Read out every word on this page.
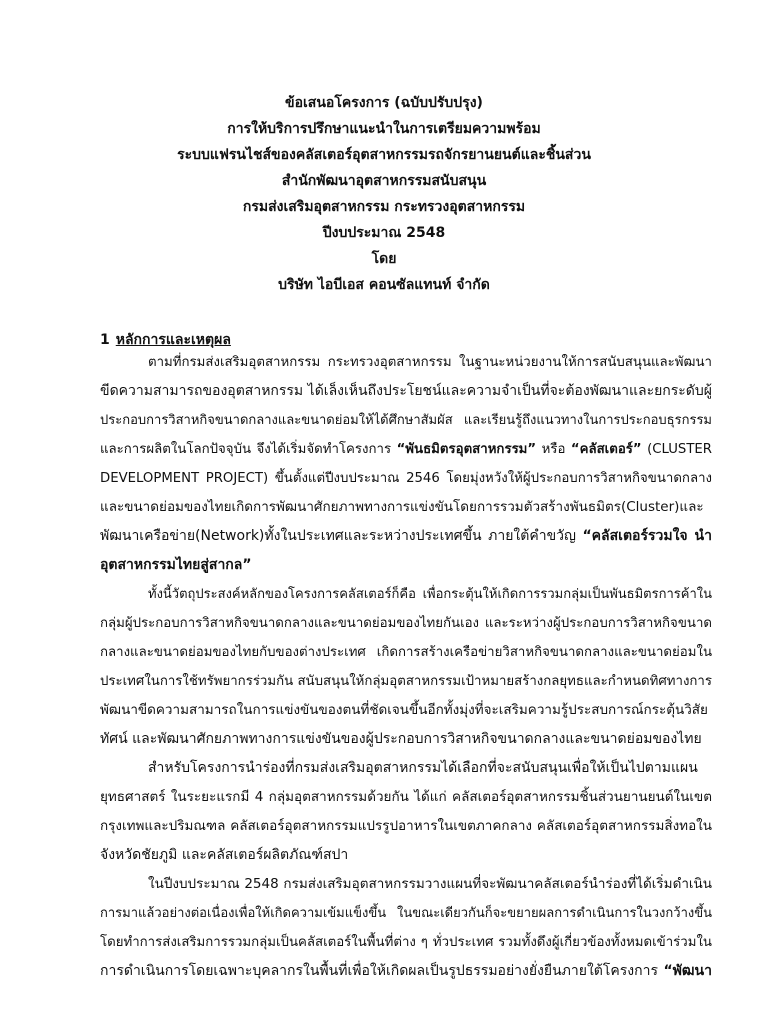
ข้อเสนอโครงการ (ฉบับปรับปรุง)
การให้บริการปรึกษาแนะนำในการเตรียมความพร้อม
ระบบแฟรนไชส์ของคลัสเตอร์อุตสาหกรรมรถจักรยานยนต์และชิ้นส่วน
สำนักพัฒนาอุตสาหกรรมสนับสนุน
กรมส่งเสริมอุตสาหกรรม กระทรวงอุตสาหกรรม
ปีงบประมาณ 2548
โดย
บริษัท ไอบีเอส คอนซัลแทนท์ จำกัด
1 หลักการและเหตุผล
ตามที่กรมส่งเสริมอุตสาหกรรม กระทรวงอุตสาหกรรม ในฐานะหน่วยงานให้การสนับสนุนและพัฒนา
ขีดความสามารถของอุตสาหกรรม ได้เล็งเห็นถึงประโยชน์และความจำเป็นที่จะต้องพัฒนาและยกระดับผู้
ประกอบการวิสาหกิจขนาดกลางและขนาดย่อมให้ได้ศึกษาสัมผัส และเรียนรู้ถึงแนวทางในการประกอบธุรกรรม
และการผลิตในโลกปัจจุบัน จึงได้เริ่มจัดทำโครงการ “พันธมิตรอุตสาหกรรม” หรือ “คลัสเตอร์” (CLUSTER
DEVELOPMENT PROJECT) ขึ้นตั้งแต่ปีงบประมาณ 2546 โดยมุ่งหวังให้ผู้ประกอบการวิสาหกิจขนาดกลาง
และขนาดย่อมของไทยเกิดการพัฒนาศักยภาพทางการแข่งขันโดยการรวมตัวสร้างพันธมิตร(Cluster)และ
พัฒนาเครือข่าย(Network)ทั้งในประเทศและระหว่างประเทศขึ้น ภายใต้คำขวัญ “คลัสเตอร์รวมใจ นำ
อุตสาหกรรมไทยสู่สากล”
ทั้งนี้วัตถุประสงค์หลักของโครงการคลัสเตอร์ก็คือ เพื่อกระตุ้นให้เกิดการรวมกลุ่มเป็นพันธมิตรการค้าใน
กลุ่มผู้ประกอบการวิสาหกิจขนาดกลางและขนาดย่อมของไทยกันเอง และระหว่างผู้ประกอบการวิสาหกิจขนาด
กลางและขนาดย่อมของไทยกับของต่างประเทศ เกิดการสร้างเครือข่ายวิสาหกิจขนาดกลางและขนาดย่อมใน
ประเทศในการใช้ทรัพยากรร่วมกัน สนับสนุนให้กลุ่มอุตสาหกรรมเป้าหมายสร้างกลยุทธและกำหนดทิศทางการ
พัฒนาขีดความสามารถในการแข่งขันของตนที่ชัดเจนขึ้นอีกทั้งมุ่งที่จะเสริมความรู้ประสบการณ์กระตุ้นวิสัย
ทัศน์ และพัฒนาศักยภาพทางการแข่งขันของผู้ประกอบการวิสาหกิจขนาดกลางและขนาดย่อมของไทย
สำหรับโครงการนำร่องที่กรมส่งเสริมอุตสาหกรรมได้เลือกที่จะสนับสนุนเพื่อให้เป็นไปตามแผน
ยุทธศาสตร์ ในระยะแรกมี 4 กลุ่มอุตสาหกรรมด้วยกัน ได้แก่ คลัสเตอร์อุตสาหกรรมชิ้นส่วนยานยนต์ในเขต
กรุงเทพและปริมณฑล คลัสเตอร์อุตสาหกรรมแปรรูปอาหารในเขตภาคกลาง คลัสเตอร์อุตสาหกรรมสิ่งทอใน
จังหวัดชัยภูมิ และคลัสเตอร์ผลิตภัณฑ์สปา
ในปีงบประมาณ 2548 กรมส่งเสริมอุตสาหกรรมวางแผนที่จะพัฒนาคลัสเตอร์นำร่องที่ได้เริ่มดำเนิน
การมาแล้วอย่างต่อเนื่องเพื่อให้เกิดความเข้มแข็งขึ้น ในขณะเดียวกันก็จะขยายผลการดำเนินการในวงกว้างขึ้น
โดยทำการส่งเสริมการรวมกลุ่มเป็นคลัสเตอร์ในพื้นที่ต่าง ๆ ทั่วประเทศ รวมทั้งดึงผู้เกี่ยวข้องทั้งหมดเข้าร่วมใน
การดำเนินการโดยเฉพาะบุคลากรในพื้นที่เพื่อให้เกิดผลเป็นรูปธรรมอย่างยั่งยืนภายใต้โครงการ “พัฒนา
